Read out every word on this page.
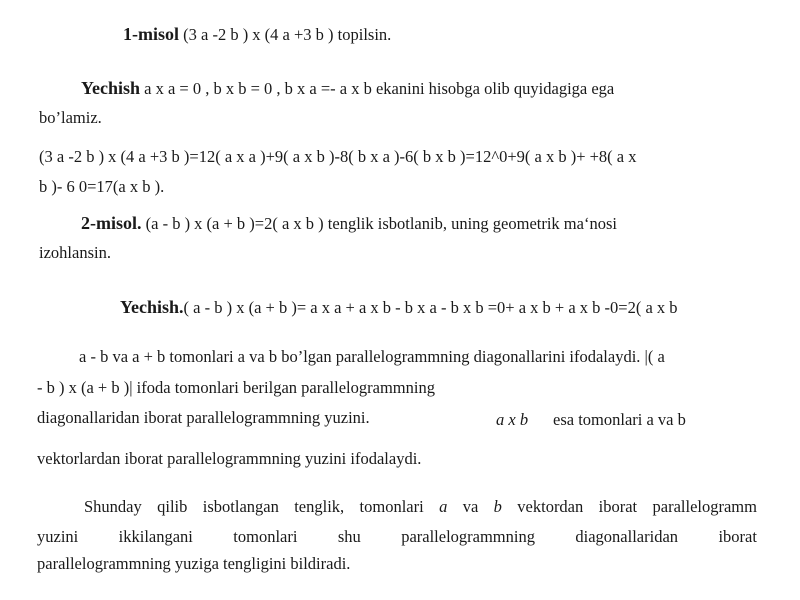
1-misol (3 a -2 b ) x (4 a +3 b ) topilsin.
Yechish a x a = 0 , b x b = 0 , b x a =- a x b ekanini hisobga olib quyidagiga ega
bo’lamiz.
(3 a -2 b ) x (4 a +3 b )=12( a x a )+9( a x b )-8( b x a )-6( b x b )=12^0+9( a x b )+ +8( a x
b )- 6 0=17(a x b ).
2-misol. (a - b ) x (a + b )=2( a x b ) tenglik isbotlanib, uning geometrik ma‘nosi
izohlansin.
Yechish.( a - b ) x (a + b )= a x a + a x b - b x a - b x b =0+ a x b + a x b -0=2( a x b
a - b va a + b tomonlari a va b bo’lgan parallelogrammning diagonallarini ifodalaydi. |( a
- b ) x (a + b )| ifoda tomonlari berilgan parallelogrammning
diagonallaridan iborat parallelogrammning yuzini.	a x b esa tomonlari a va b
vektorlardan iborat parallelogrammning yuzini ifodalaydi.
Shunday qilib isbotlangan tenglik, tomonlari a va b vektordan iborat parallelogramm
yuzini ikkilangani tomonlari shu parallelogrammning diagonallaridan iborat
parallelogrammning yuziga tengligini bildiradi.
